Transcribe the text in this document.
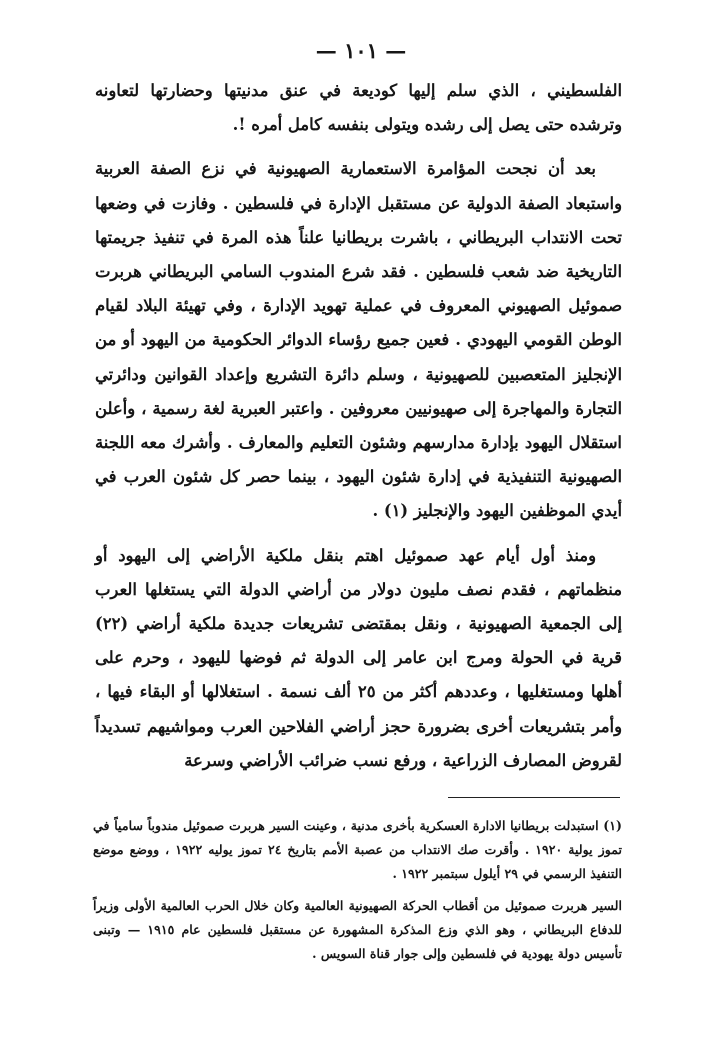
— ١٠١ —

الفلسطيني ، الذي سلم إليها كوديعة في عنق مدنيتها وحضارتها لتعاونه وترشده حتى يصل إلى رشده ويتولى بنفسه كامل أمره !.

بعد أن نجحت المؤامرة الاستعمارية الصهيونية في نزع الصفة العربية واستبعاد الصفة الدولية عن مستقبل الإدارة في فلسطين . وفازت في وضعها تحت الانتداب البريطاني ، باشرت بريطانيا علناً هذه المرة في تنفيذ جريمتها التاريخية ضد شعب فلسطين . فقد شرع المندوب السامي البريطاني هربرت صموئيل الصهيوني المعروف في عملية تهويد الإدارة ، وفي تهيئة البلاد لقيام الوطن القومي اليهودي . فعين جميع رؤساء الدوائر الحكومية من اليهود أو من الإنجليز المتعصبين للصهيونية ، وسلم دائرة التشريع وإعداد القوانين ودائرتي التجارة والمهاجرة إلى صهيونيين معروفين . واعتبر العبرية لغة رسمية ، وأعلن استقلال اليهود بإدارة مدارسهم وشئون التعليم والمعارف . وأشرك معه اللجنة الصهيونية التنفيذية في إدارة شئون اليهود ، بينما حصر كل شئون العرب في أيدي الموظفين اليهود والإنجليز (١) .

ومنذ أول أيام عهد صموئيل اهتم بنقل ملكية الأراضي إلى اليهود أو منظماتهم ، فقدم نصف مليون دولار من أراضي الدولة التي يستغلها العرب إلى الجمعية الصهيونية ، ونقل بمقتضى تشريعات جديدة ملكية أراضي (٢٢) قرية في الحولة ومرج ابن عامر إلى الدولة ثم فوضها لليهود ، وحرم على أهلها ومستغليها ، وعددهم أكثر من ٢٥ ألف نسمة . استغلالها أو البقاء فيها ، وأمر بتشريعات أخرى بضرورة حجز أراضي الفلاحين العرب ومواشيهم تسديداً لقروض المصارف الزراعية ، ورفع نسب ضرائب الأراضي وسرعة

(١) استبدلت بريطانيا الادارة العسكرية بأخرى مدنية ، وعينت السير هربرت صموئيل مندوباً سامياً في تموز يولية ١٩٢٠ . وأقرت صك الانتداب من عصبة الأمم بتاريخ ٢٤ تموز يوليه ١٩٢٢ ، ووضع موضع التنفيذ الرسمي في ٢٩ أيلول سبتمبر ١٩٢٢ .

السير هربرت صموئيل من أقطاب الحركة الصهيونية العالمية وكان خلال الحرب العالمية الأولى وزيراً للدفاع البريطاني ، وهو الذي وزع المذكرة المشهورة عن مستقبل فلسطين عام ١٩١٥ — وتبنى تأسيس دولة يهودية في فلسطين وإلى جوار قناة السويس .
